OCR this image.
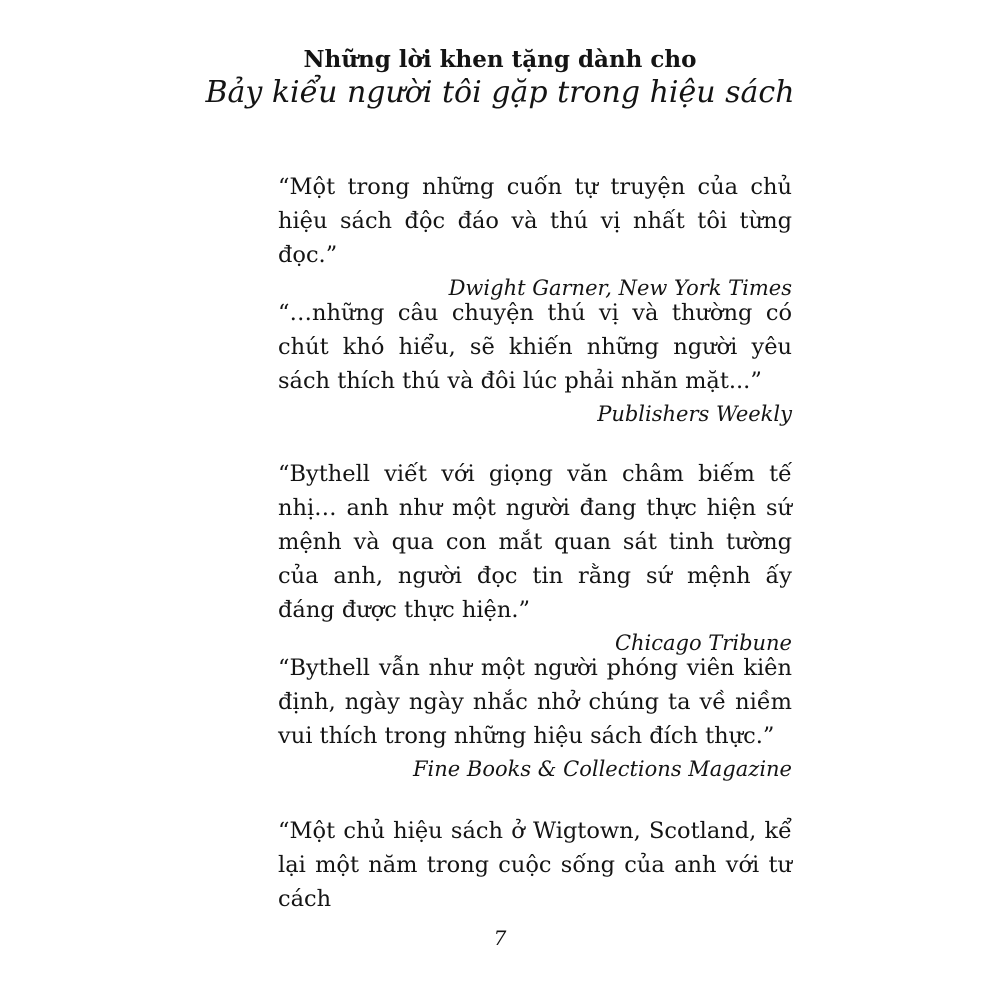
Những lời khen tặng dành cho
Bảy kiểu người tôi gặp trong hiệu sách

“Một trong những cuốn tự truyện của chủ hiệu sách độc đáo và thú vị nhất tôi từng đọc.”

Dwight Garner, New York Times

“…những câu chuyện thú vị và thường có chút khó hiểu, sẽ khiến những người yêu sách thích thú và đôi lúc phải nhăn mặt...”

Publishers Weekly

“Bythell viết với giọng văn châm biếm tế nhị… anh như một người đang thực hiện sứ mệnh và qua con mắt quan sát tinh tường của anh, người đọc tin rằng sứ mệnh ấy đáng được thực hiện.”

Chicago Tribune

“Bythell vẫn như một người phóng viên kiên định, ngày ngày nhắc nhở chúng ta về niềm vui thích trong những hiệu sách đích thực.”

Fine Books & Collections Magazine

“Một chủ hiệu sách ở Wigtown, Scotland, kể lại một năm trong cuộc sống của anh với tư cách

7
